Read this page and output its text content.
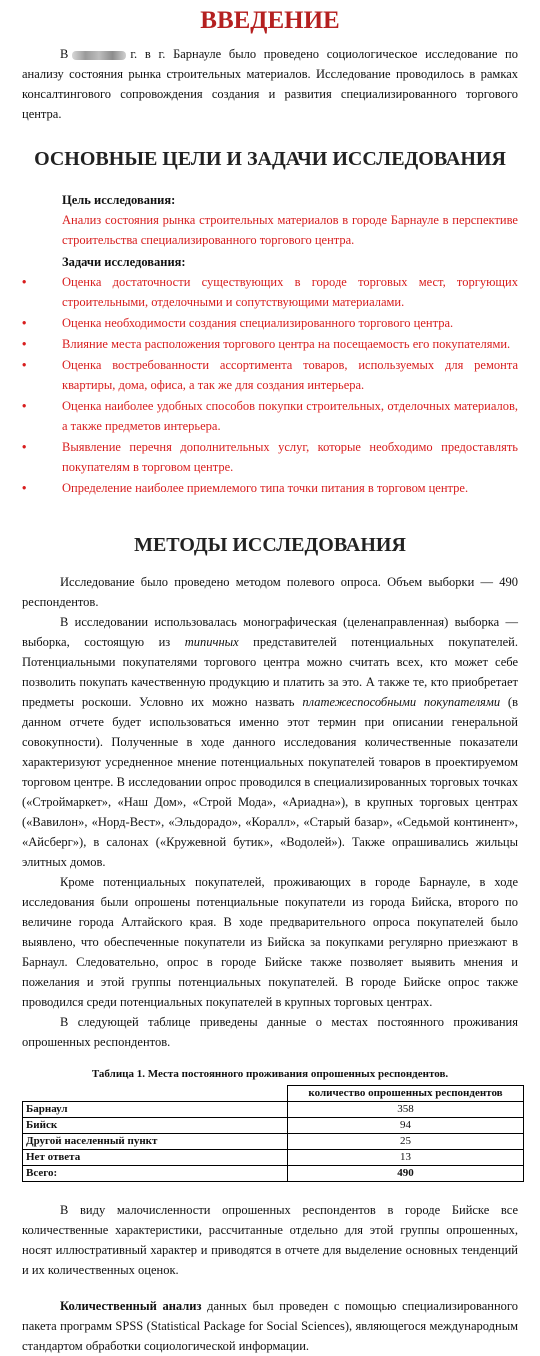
ВВЕДЕНИЕ

В	г. в г. Барнауле было проведено социологическое исследование по анализу состояния рынка строительных материалов. Исследование проводилось в рамках консалтингового сопровождения создания и развития специализированного торгового центра.

ОСНОВНЫЕ ЦЕЛИ И ЗАДАЧИ ИССЛЕДОВАНИЯ

Цель исследования:

Анализ состояния рынка строительных материалов в городе Барнауле в перспективе строительства специализированного торгового центра.

Задачи исследования:

•	Оценка достаточности существующих в городе торговых мест, торгующих строительными, отделочными и сопутствующими материалами.
•	Оценка необходимости создания специализированного торгового центра.
•	Влияние места расположения торгового центра на посещаемость его покупателями.
•	Оценка востребованности ассортимента товаров, используемых для ремонта квартиры, дома, офиса, а так же для создания интерьера.
•	Оценка наиболее удобных способов покупки строительных, отделочных материалов, а также предметов интерьера.
•	Выявление перечня дополнительных услуг, которые необходимо предоставлять покупателям в торговом центре.
•	Определение наиболее приемлемого типа точки питания в торговом центре.
МЕТОДЫ ИССЛЕДОВАНИЯ

Исследование было проведено методом полевого опроса. Объем выборки — 490 респондентов.

В исследовании использовалась монографическая (целенаправленная) выборка — выборка, состоящую из типичных представителей потенциальных покупателей. Потенциальными покупателями торгового центра можно считать всех, кто может себе позволить покупать качественную продукцию и платить за это. А также те, кто приобретает предметы роскоши. Условно их можно назвать платежеспособными покупателями (в данном отчете будет использоваться именно этот термин при описании генеральной совокупности). Полученные в ходе данного исследования количественные показатели характеризуют усредненное мнение потенциальных покупателей товаров в проектируемом торговом центре. В исследовании опрос проводился в специализированных торговых точках («Строймаркет», «Наш Дом», «Строй Мода», «Ариадна»), в крупных торговых центрах («Вавилон», «Норд-Вест», «Эльдорадо», «Коралл», «Старый базар», «Седьмой континент», «Айсберг»), в салонах («Кружевной бутик», «Водолей»). Также опрашивались жильцы элитных домов.

Кроме потенциальных покупателей, проживающих в городе Барнауле, в ходе исследования были опрошены потенциальные покупатели из города Бийска, второго по величине города Алтайского края. В ходе предварительного опроса покупателей было выявлено, что обеспеченные покупатели из Бийска за покупками регулярно приезжают в Барнаул. Следовательно, опрос в городе Бийске также позволяет выявить мнения и пожелания и этой группы потенциальных покупателей. В городе Бийске опрос также проводился среди потенциальных покупателей в крупных торговых центрах.

В следующей таблице приведены данные о местах постоянного проживания опрошенных респондентов.

Таблица 1. Места постоянного проживания опрошенных респондентов.

	количество опрошенных респондентов
Барнаул	358
Бийск	94
Другой населенный пункт	25
Нет ответа	13
Всего:	490

В виду малочисленности опрошенных респондентов в городе Бийске все количественные характеристики, рассчитанные отдельно для этой группы опрошенных, носят иллюстративный характер и приводятся в отчете для выделение основных тенденций и их количественных оценок.

Количественный анализ данных был проведен с помощью специализированного пакета программ SPSS (Statistical Package for Social Sciences), являющегося международным стандартом обработки социологической информации.
